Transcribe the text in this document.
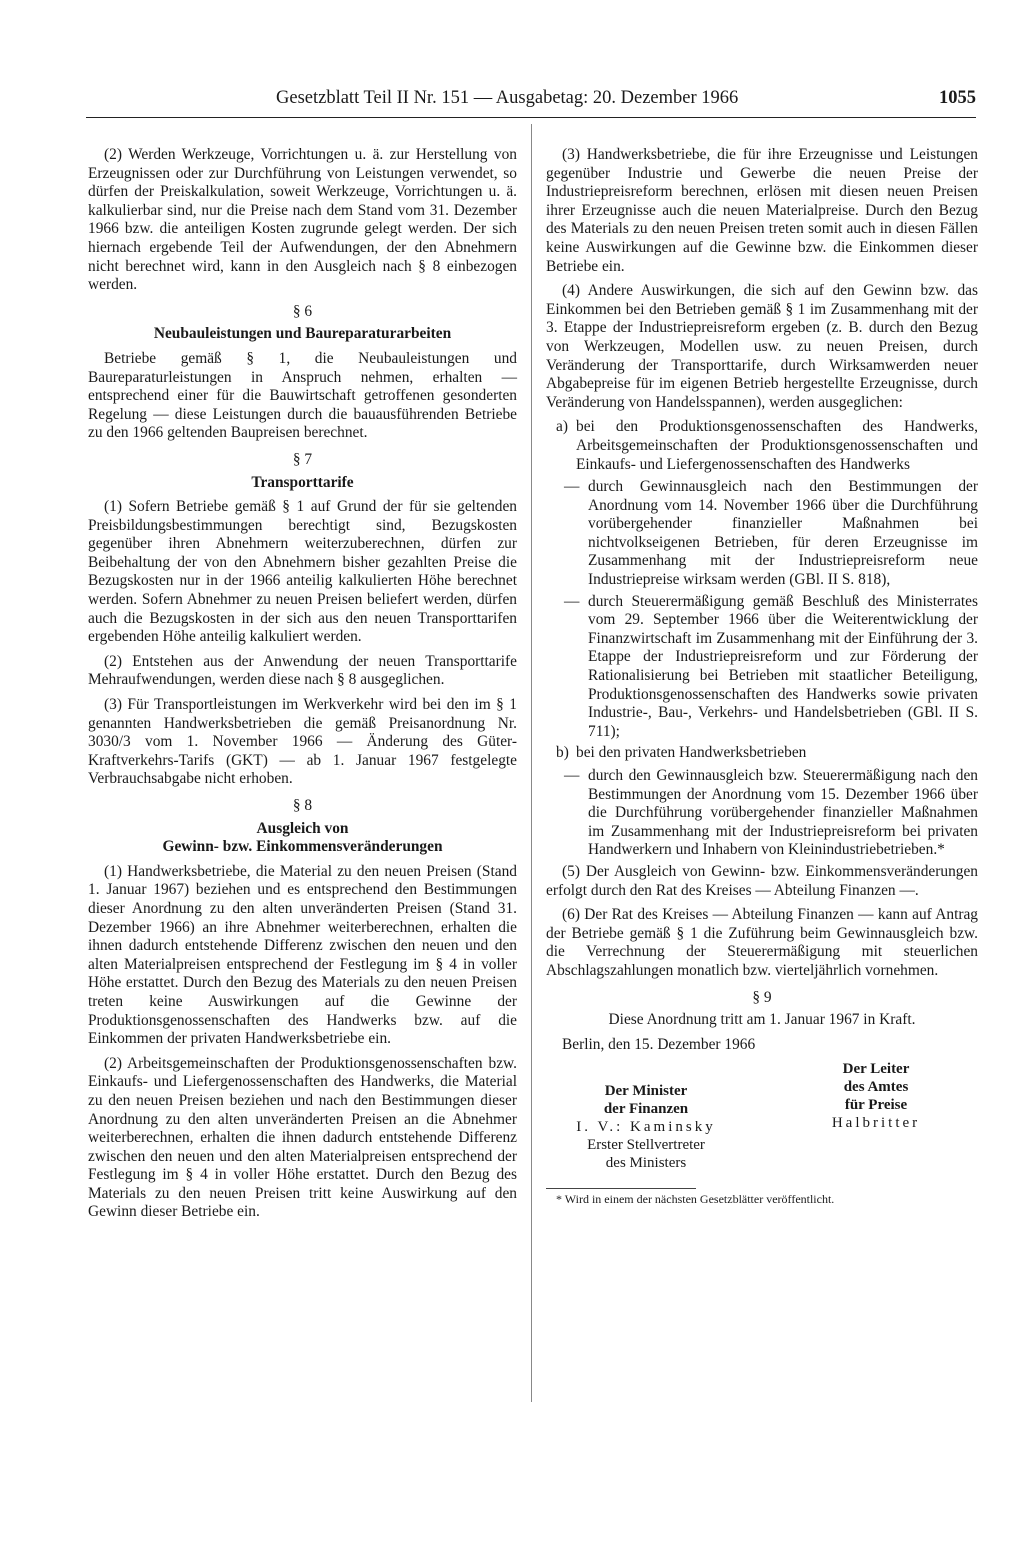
Gesetzblatt Teil II Nr. 151 — Ausgabetag: 20. Dezember 1966	1055

(2) Werden Werkzeuge, Vorrichtungen u. ä. zur Herstellung von Erzeugnissen oder zur Durchführung von Leistungen verwendet, so dürfen der Preiskalkulation, soweit Werkzeuge, Vorrichtungen u. ä. kalkulierbar sind, nur die Preise nach dem Stand vom 31. Dezember 1966 bzw. die anteiligen Kosten zugrunde gelegt werden. Der sich hiernach ergebende Teil der Aufwendungen, der den Abnehmern nicht berechnet wird, kann in den Ausgleich nach § 8 einbezogen werden.

§ 6
Neubauleistungen und Baureparaturarbeiten

Betriebe gemäß § 1, die Neubauleistungen und Baureparaturleistungen in Anspruch nehmen, erhalten — entsprechend einer für die Bauwirtschaft getroffenen gesonderten Regelung — diese Leistungen durch die bauausführenden Betriebe zu den 1966 geltenden Baupreisen berechnet.

§ 7
Transporttarife

(1) Sofern Betriebe gemäß § 1 auf Grund der für sie geltenden Preisbildungsbestimmungen berechtigt sind, Bezugskosten gegenüber ihren Abnehmern weiterzuberechnen, dürfen zur Beibehaltung der von den Abnehmern bisher gezahlten Preise die Bezugskosten nur in der 1966 anteilig kalkulierten Höhe berechnet werden. Sofern Abnehmer zu neuen Preisen beliefert werden, dürfen auch die Bezugskosten in der sich aus den neuen Transporttarifen ergebenden Höhe anteilig kalkuliert werden.

(2) Entstehen aus der Anwendung der neuen Transporttarife Mehraufwendungen, werden diese nach § 8 ausgeglichen.

(3) Für Transportleistungen im Werkverkehr wird bei den im § 1 genannten Handwerksbetrieben die gemäß Preisanordnung Nr. 3030/3 vom 1. November 1966 — Änderung des Güter-Kraftverkehrs-Tarifs (GKT) — ab 1. Januar 1967 festgelegte Verbrauchsabgabe nicht erhoben.

§ 8
Ausgleich von
Gewinn- bzw. Einkommensveränderungen

(1) Handwerksbetriebe, die Material zu den neuen Preisen (Stand 1. Januar 1967) beziehen und es entsprechend den Bestimmungen dieser Anordnung zu den alten unveränderten Preisen (Stand 31. Dezember 1966) an ihre Abnehmer weiterberechnen, erhalten die ihnen dadurch entstehende Differenz zwischen den neuen und den alten Materialpreisen entsprechend der Festlegung im § 4 in voller Höhe erstattet. Durch den Bezug des Materials zu den neuen Preisen treten keine Auswirkungen auf die Gewinne der Produktionsgenossenschaften des Handwerks bzw. auf die Einkommen der privaten Handwerksbetriebe ein.

(2) Arbeitsgemeinschaften der Produktionsgenossenschaften bzw. Einkaufs- und Liefergenossenschaften des Handwerks, die Material zu den neuen Preisen beziehen und nach den Bestimmungen dieser Anordnung zu den alten unveränderten Preisen an die Abnehmer weiterberechnen, erhalten die ihnen dadurch entstehende Differenz zwischen den neuen und den alten Materialpreisen entsprechend der Festlegung im § 4 in voller Höhe erstattet. Durch den Bezug des Materials zu den neuen Preisen tritt keine Auswirkung auf den Gewinn dieser Betriebe ein.

(3) Handwerksbetriebe, die für ihre Erzeugnisse und Leistungen gegenüber Industrie und Gewerbe die neuen Preise der Industriepreisreform berechnen, erlösen mit diesen neuen Preisen ihrer Erzeugnisse auch die neuen Materialpreise. Durch den Bezug des Materials zu den neuen Preisen treten somit auch in diesen Fällen keine Auswirkungen auf die Gewinne bzw. die Einkommen dieser Betriebe ein.

(4) Andere Auswirkungen, die sich auf den Gewinn bzw. das Einkommen bei den Betrieben gemäß § 1 im Zusammenhang mit der 3. Etappe der Industriepreisreform ergeben (z. B. durch den Bezug von Werkzeugen, Modellen usw. zu neuen Preisen, durch Veränderung der Transporttarife, durch Wirksamwerden neuer Abgabepreise für im eigenen Betrieb hergestellte Erzeugnisse, durch Veränderung von Handelsspannen), werden ausgeglichen:

a) bei den Produktionsgenossenschaften des Handwerks, Arbeitsgemeinschaften der Produktionsgenossenschaften und Einkaufs- und Liefergenossenschaften des Handwerks
— durch Gewinnausgleich nach den Bestimmungen der Anordnung vom 14. November 1966 über die Durchführung vorübergehender finanzieller Maßnahmen bei nichtvolkseigenen Betrieben, für deren Erzeugnisse im Zusammenhang mit der Industriepreisreform neue Industriepreise wirksam werden (GBl. II S. 818),
— durch Steuerermäßigung gemäß Beschluß des Ministerrates vom 29. September 1966 über die Weiterentwicklung der Finanzwirtschaft im Zusammenhang mit der Einführung der 3. Etappe der Industriepreisreform und zur Förderung der Rationalisierung bei Betrieben mit staatlicher Beteiligung, Produktionsgenossenschaften des Handwerks sowie privaten Industrie-, Bau-, Verkehrs- und Handelsbetrieben (GBl. II S. 711);
b) bei den privaten Handwerksbetrieben
— durch den Gewinnausgleich bzw. Steuerermäßigung nach den Bestimmungen der Anordnung vom 15. Dezember 1966 über die Durchführung vorübergehender finanzieller Maßnahmen im Zusammenhang mit der Industriepreisreform bei privaten Handwerkern und Inhabern von Kleinindustriebetrieben.*

(5) Der Ausgleich von Gewinn- bzw. Einkommensveränderungen erfolgt durch den Rat des Kreises — Abteilung Finanzen —.

(6) Der Rat des Kreises — Abteilung Finanzen — kann auf Antrag der Betriebe gemäß § 1 die Zuführung beim Gewinnausgleich bzw. die Verrechnung der Steuerermäßigung mit steuerlichen Abschlagszahlungen monatlich bzw. vierteljährlich vornehmen.

§ 9

Diese Anordnung tritt am 1. Januar 1967 in Kraft.

Berlin, den 15. Dezember 1966

Der Minister
der Finanzen
I. V.: Kaminsky
Erster Stellvertreter
des Ministers
Der Leiter
des Amtes
für Preise
Halbritter

* Wird in einem der nächsten Gesetzblätter veröffentlicht.
